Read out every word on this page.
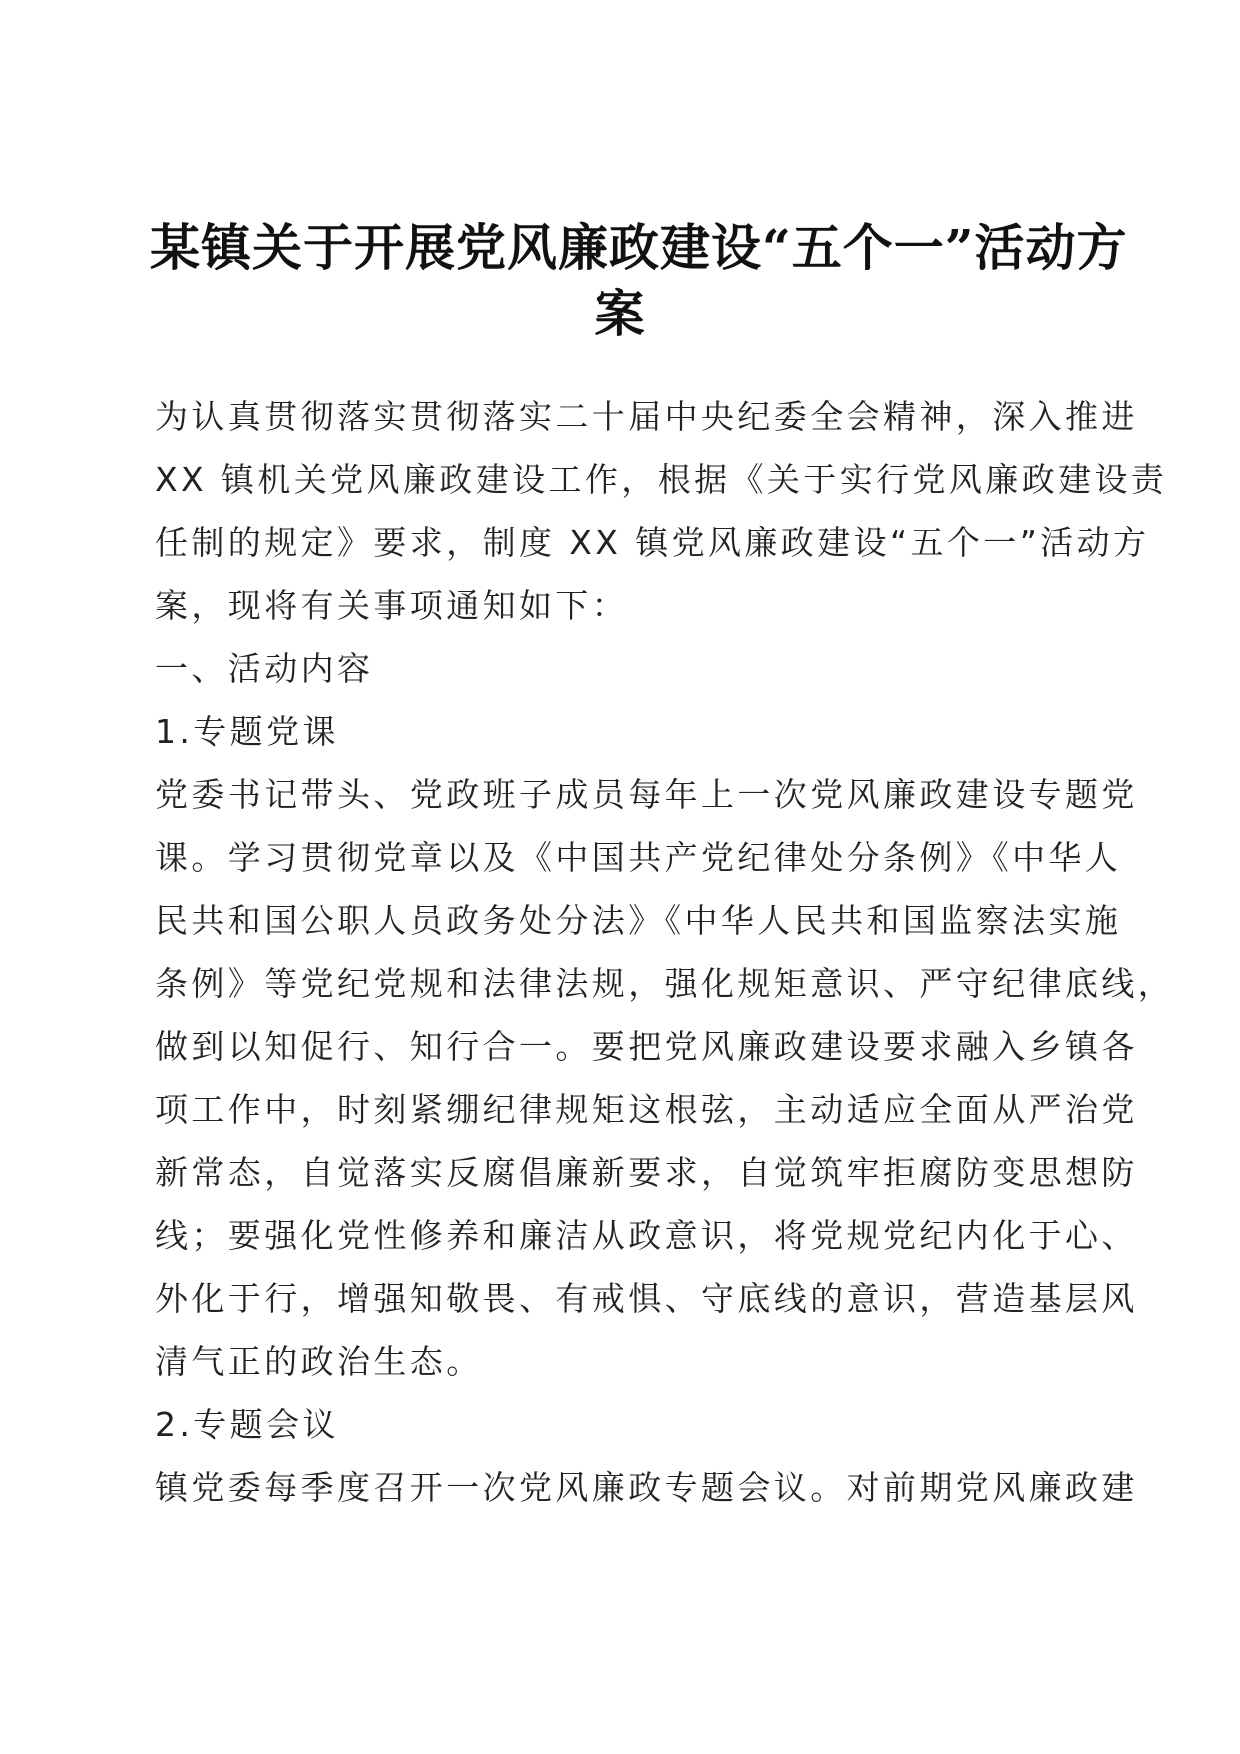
某镇关于开展党风廉政建设“五个一”活动方
案
为认真贯彻落实贯彻落实二十届中央纪委全会精神，深入推进
XX 镇机关党风廉政建设工作，根据《关于实行党风廉政建设责
任制的规定》要求，制度 XX 镇党风廉政建设“五个一”活动方
案，现将有关事项通知如下：
一、活动内容
1.专题党课
党委书记带头、党政班子成员每年上一次党风廉政建设专题党
课。学习贯彻党章以及《中国共产党纪律处分条例》《中华人
民共和国公职人员政务处分法》《中华人民共和国监察法实施
条例》等党纪党规和法律法规，强化规矩意识、严守纪律底线，
做到以知促行、知行合一。要把党风廉政建设要求融入乡镇各
项工作中，时刻紧绷纪律规矩这根弦，主动适应全面从严治党
新常态，自觉落实反腐倡廉新要求，自觉筑牢拒腐防变思想防
线；要强化党性修养和廉洁从政意识，将党规党纪内化于心、
外化于行，增强知敬畏、有戒惧、守底线的意识，营造基层风
清气正的政治生态。
2.专题会议
镇党委每季度召开一次党风廉政专题会议。对前期党风廉政建
